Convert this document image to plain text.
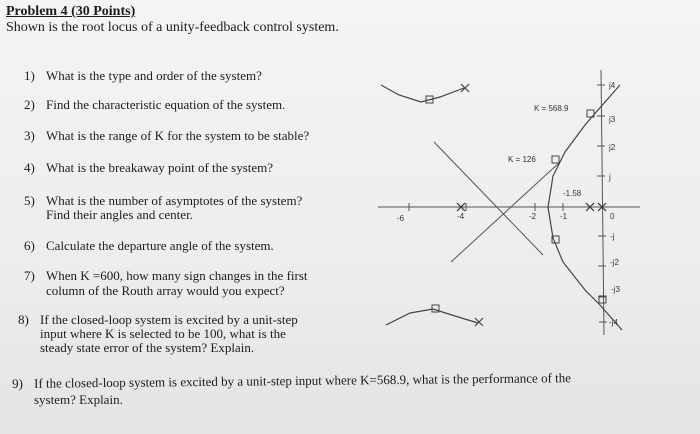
Problem 4 (30 Points)
Shown is the root locus of a unity-feedback control system.
1) What is the type and order of the system?
2) Find the characteristic equation of the system.
3) What is the range of K for the system to be stable?
4) What is the breakaway point of the system?
5) What is the number of asymptotes of the system?
Find their angles and center.
6) Calculate the departure angle of the system.
7) When K =600, how many sign changes in the first
column of the Routh array would you expect?
8) If the closed-loop system is excited by a unit-step
input where K is selected to be 100, what is the
steady state error of the system? Explain.
9) If the closed-loop system is excited by a unit-step input where K=568.9, what is the performance of the
system? Explain.
-6	-4	-2	-1	0
j4
j3
j2
j
-j
-j2
-j3
-j4
K = 568.9
K = 126
-1.58
